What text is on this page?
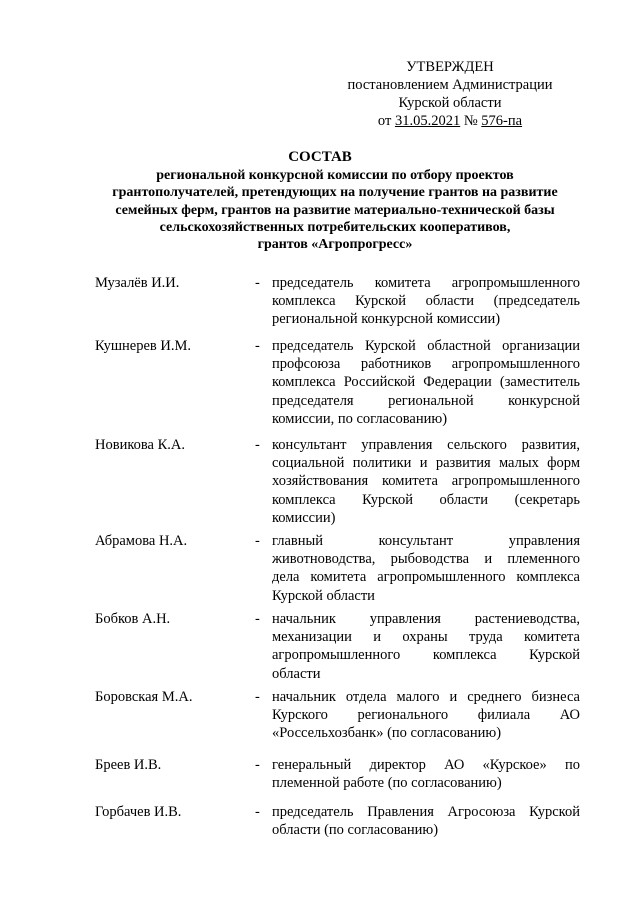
УТВЕРЖДЕН
постановлением Администрации
Курской области
от 31.05.2021 № 576-па
СОСТАВ
региональной конкурсной комиссии по отбору проектов
грантополучателей, претендующих на получение грантов на развитие
семейных ферм, грантов на развитие материально-технической базы
сельскохозяйственных потребительских кооперативов,
грантов «Агропрогресс»
Музалёв И.И.	- председатель комитета агропромышленного
комплекса Курской области (председатель
региональной конкурсной комиссии)
Кушнерев И.М.	- председатель Курской областной организации
профсоюза работников агропромышленного
комплекса Российской Федерации (заместитель
председателя региональной конкурсной
комиссии, по согласованию)
Новикова К.А.	- консультант управления сельского развития,
социальной политики и развития малых форм
хозяйствования комитета агропромышленного
комплекса Курской области (секретарь
комиссии)
Абрамова Н.А.	- главный консультант управления
животноводства, рыбоводства и племенного
дела комитета агропромышленного комплекса
Курской области
Бобков А.Н.	- начальник управления растениеводства,
механизации и охраны труда комитета
агропромышленного комплекса Курской
области
Боровская М.А.	- начальник отдела малого и среднего бизнеса
Курского регионального филиала АО
«Россельхозбанк» (по согласованию)
Бреев И.В.	- генеральный директор АО «Курское» по
племенной работе (по согласованию)
Горбачев И.В.	- председатель Правления Агросоюза Курской
области (по согласованию)
